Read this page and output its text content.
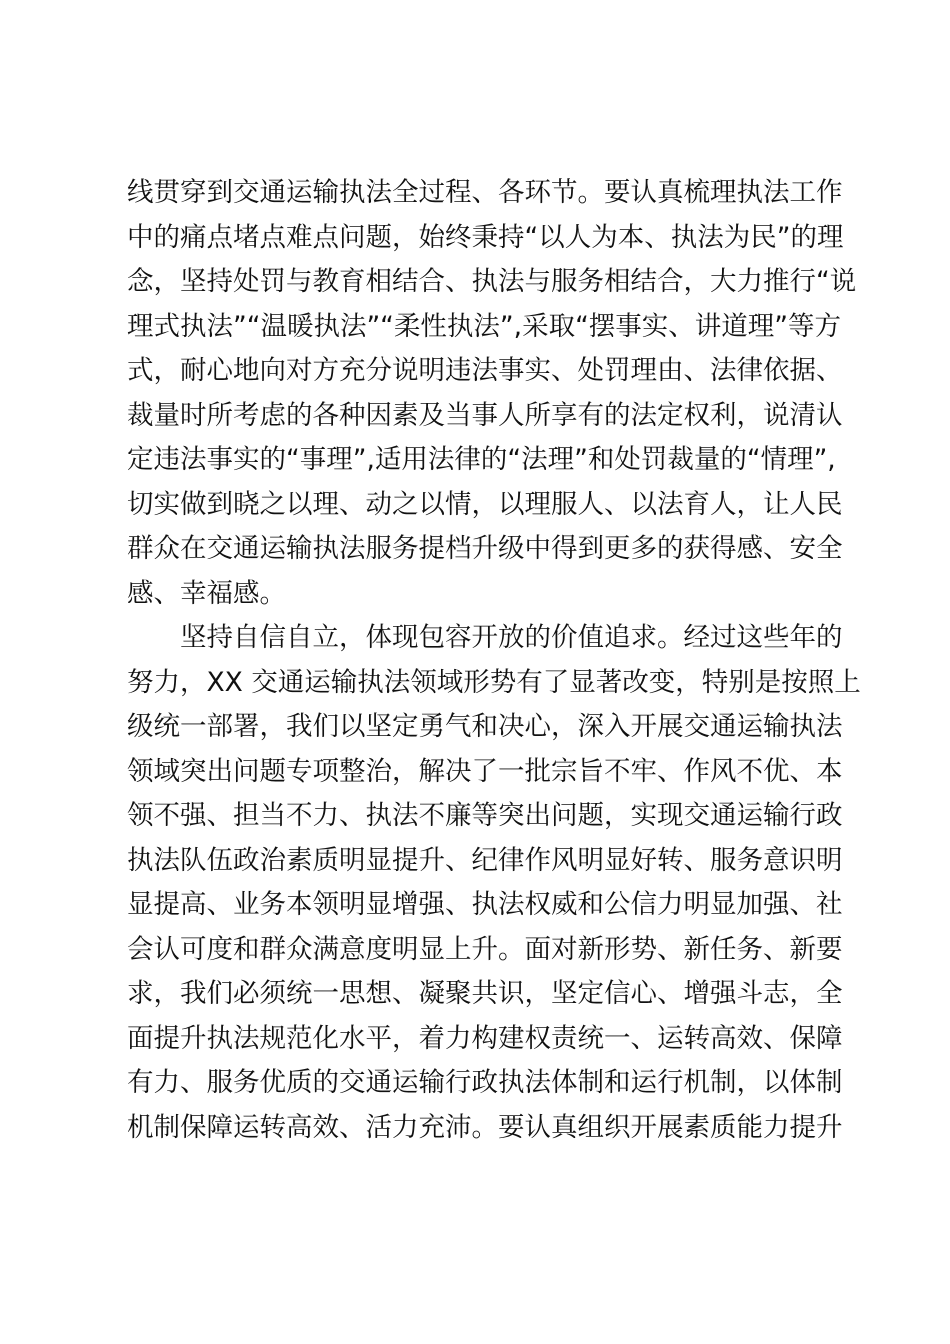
线贯穿到交通运输执法全过程、各环节。要认真梳理执法工作
中的痛点堵点难点问题，始终秉持“以人为本、执法为民”的理
念，坚持处罚与教育相结合、执法与服务相结合，大力推行“说
理式执法”“温暖执法”“柔性执法”,采取“摆事实、讲道理”等方
式，耐心地向对方充分说明违法事实、处罚理由、法律依据、
裁量时所考虑的各种因素及当事人所享有的法定权利，说清认
定违法事实的“事理”,适用法律的“法理”和处罚裁量的“情理”,
切实做到晓之以理、动之以情，以理服人、以法育人，让人民
群众在交通运输执法服务提档升级中得到更多的获得感、安全
感、幸福感。
坚持自信自立，体现包容开放的价值追求。经过这些年的
努力，XX 交通运输执法领域形势有了显著改变，特别是按照上
级统一部署，我们以坚定勇气和决心，深入开展交通运输执法
领域突出问题专项整治，解决了一批宗旨不牢、作风不优、本
领不强、担当不力、执法不廉等突出问题，实现交通运输行政
执法队伍政治素质明显提升、纪律作风明显好转、服务意识明
显提高、业务本领明显增强、执法权威和公信力明显加强、社
会认可度和群众满意度明显上升。面对新形势、新任务、新要
求，我们必须统一思想、凝聚共识，坚定信心、增强斗志，全
面提升执法规范化水平，着力构建权责统一、运转高效、保障
有力、服务优质的交通运输行政执法体制和运行机制，以体制
机制保障运转高效、活力充沛。要认真组织开展素质能力提升
